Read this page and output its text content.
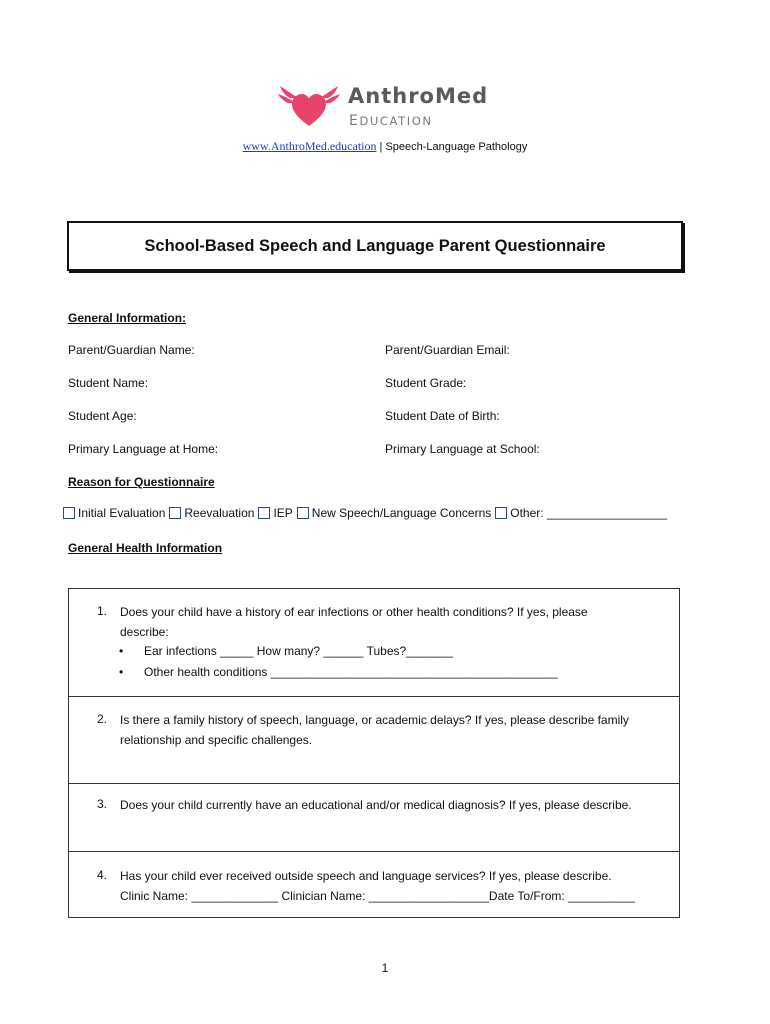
AnthroMed
EDUCATION
www.AnthroMed.education | Speech-Language Pathology
School-Based Speech and Language Parent Questionnaire
General Information:
Parent/Guardian Name:	Parent/Guardian Email:
Student Name:	Student Grade:
Student Age:	Student Date of Birth:
Primary Language at Home:	Primary Language at School:
Reason for Questionnaire
Initial Evaluation Reevaluation IEP New Speech/Language Concerns Other: __________________
General Health Information
1. Does your child have a history of ear infections or other health conditions? If yes, please
describe:
• Ear infections _____ How many? ______ Tubes?_______
• Other health conditions ___________________________________________
2. Is there a family history of speech, language, or academic delays? If yes, please describe family
relationship and specific challenges.
3. Does your child currently have an educational and/or medical diagnosis? If yes, please describe.
4. Has your child ever received outside speech and language services? If yes, please describe.
Clinic Name: _____________ Clinician Name: __________________Date To/From: __________
1
